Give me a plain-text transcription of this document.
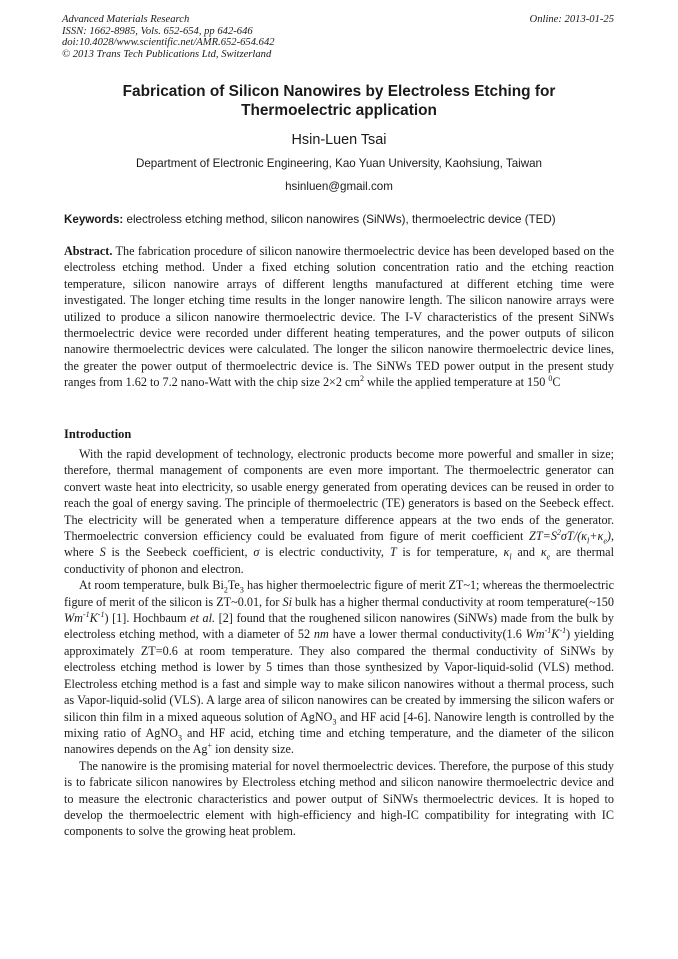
Advanced Materials Research
ISSN: 1662-8985, Vols. 652-654, pp 642-646
doi:10.4028/www.scientific.net/AMR.652-654.642
© 2013 Trans Tech Publications Ltd, Switzerland
Online: 2013-01-25
Fabrication of Silicon Nanowires by Electroless Etching for Thermoelectric application
Hsin-Luen Tsai
Department of Electronic Engineering, Kao Yuan University, Kaohsiung, Taiwan
hsinluen@gmail.com
Keywords: electroless etching method, silicon nanowires (SiNWs), thermoelectric device (TED)
Abstract. The fabrication procedure of silicon nanowire thermoelectric device has been developed based on the electroless etching method. Under a fixed etching solution concentration ratio and the etching reaction temperature, silicon nanowire arrays of different lengths manufactured at different etching time were investigated. The longer etching time results in the longer nanowire length. The silicon nanowire arrays were utilized to produce a silicon nanowire thermoelectric device. The I-V characteristics of the present SiNWs thermoelectric device were recorded under different heating temperatures, and the power outputs of silicon nanowire thermoelectric devices were calculated. The longer the silicon nanowire thermoelectric device lines, the greater the power output of thermoelectric device is. The SiNWs TED power output in the present study ranges from 1.62 to 7.2 nano-Watt with the chip size 2×2 $cm^2$ while the applied temperature at 150 $^0$C
Introduction

With the rapid development of technology, electronic products become more powerful and smaller in size; therefore, thermal management of components are even more important. The thermoelectric generator can convert waste heat into electricity, so usable energy generated from operating devices can be reused in order to reach the goal of energy saving. The principle of thermoelectric (TE) generators is based on the Seebeck effect. The electricity will be generated when a temperature difference appears at the two ends of the generator. Thermoelectric conversion efficiency could be evaluated from figure of merit coefficient $ZT=S^2\sigma T/(\kappa_l+\kappa_e)$, where S is the Seebeck coefficient, σ is electric conductivity, T is for temperature, $\kappa_l$ and $\kappa_e$ are thermal conductivity of phonon and electron.

At room temperature, bulk $Bi_2Te_3$ has higher thermoelectric figure of merit ZT~1; whereas the thermoelectric figure of merit of the silicon is ZT~0.01, for Si bulk has a higher thermal conductivity at room temperature(~150 $Wm^{-1}K^{-1}$) [1]. Hochbaum et al. [2] found that the roughened silicon nanowires (SiNWs) made from the bulk by electroless etching method, with a diameter of 52 nm have a lower thermal conductivity(1.6 $Wm^{-1}K^{-1}$) yielding approximately ZT=0.6 at room temperature. They also compared the thermal conductivity of SiNWs by electroless etching method is lower by 5 times than those synthesized by Vapor-liquid-solid (VLS) method. Electroless etching method is a fast and simple way to make silicon nanowires without a thermal process, such as Vapor-liquid-solid (VLS). A large area of silicon nanowires can be created by immersing the silicon wafers or silicon thin film in a mixed aqueous solution of AgNO$_3$ and HF acid [4-6]. Nanowire length is controlled by the mixing ratio of AgNO$_3$ and HF acid, etching time and etching temperature, and the diameter of the silicon nanowires depends on the Ag+ ion density size.

The nanowire is the promising material for novel thermoelectric devices. Therefore, the purpose of this study is to fabricate silicon nanowires by Electroless etching method and silicon nanowire thermoelectric device and to measure the electronic characteristics and power output of SiNWs thermoelectric devices. It is hoped to develop the thermoelectric element with high-efficiency and high-IC compatibility for integrating with IC components to solve the growing heat problem.
